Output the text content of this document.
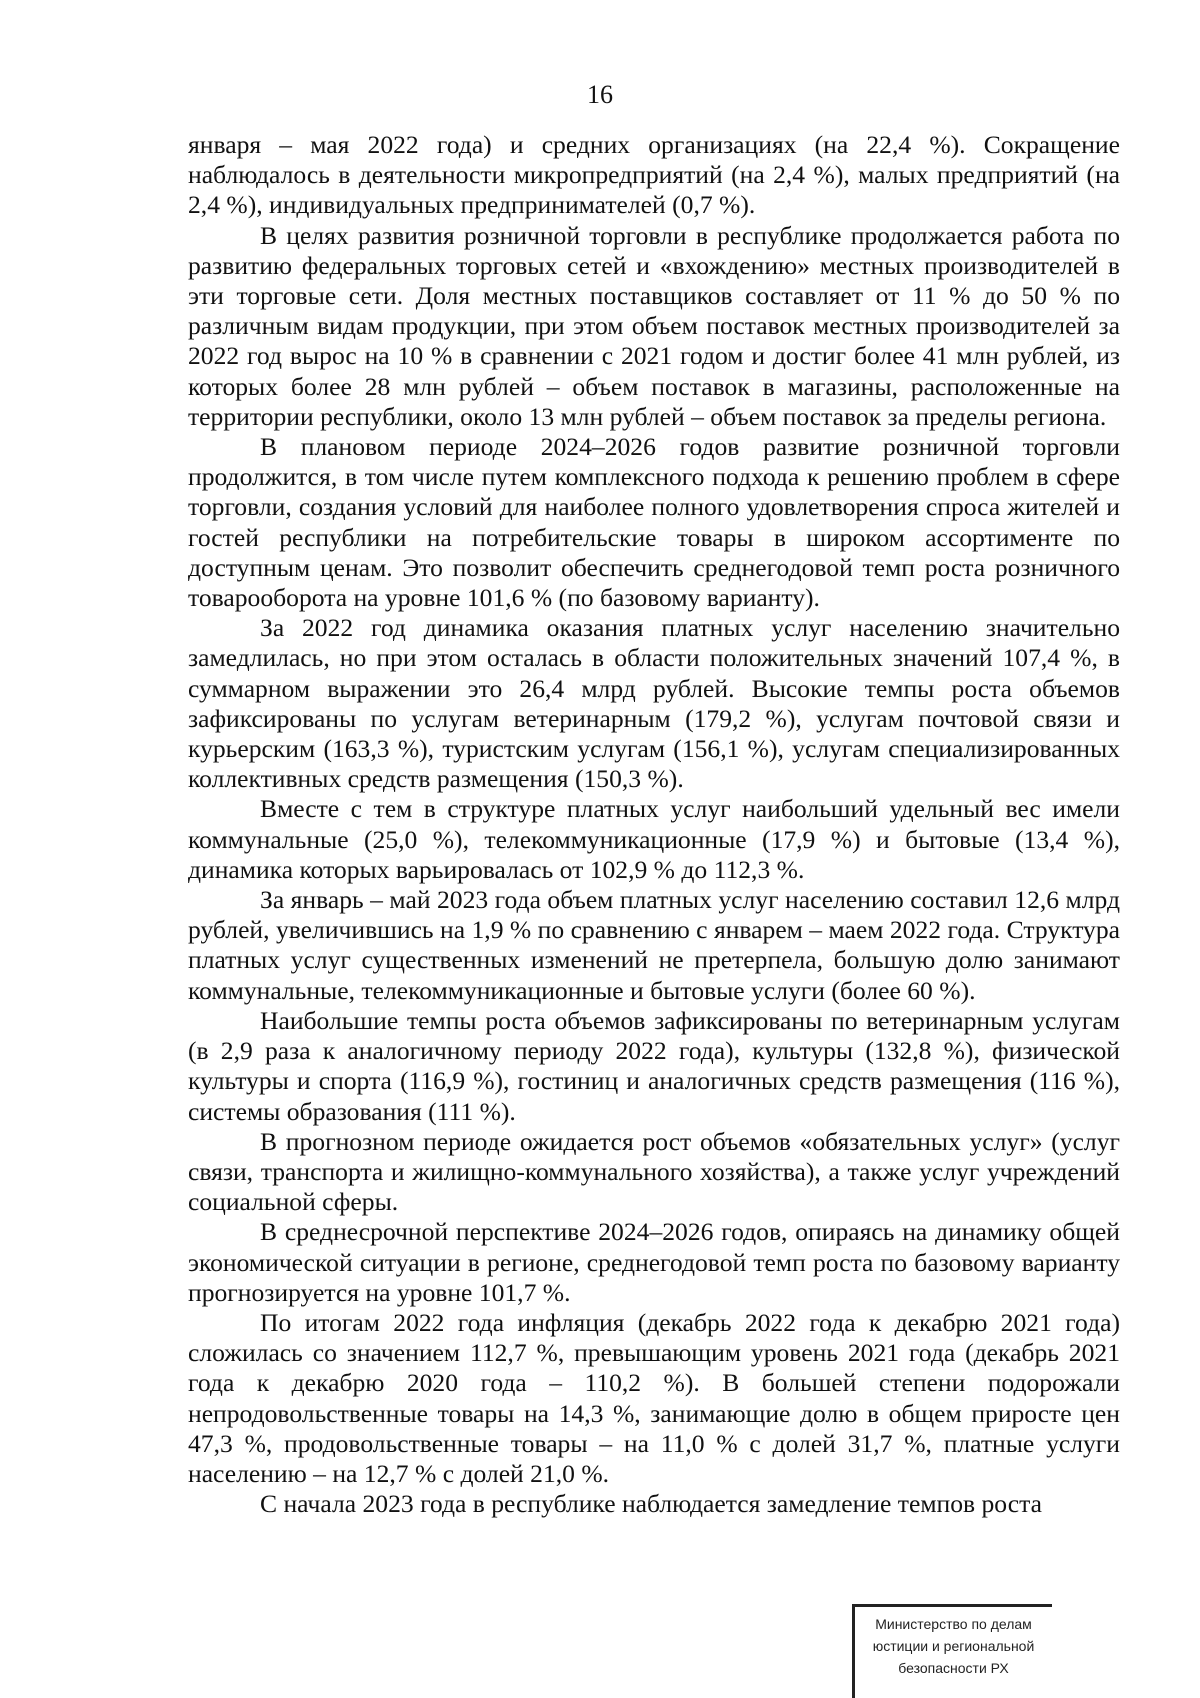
16

января – мая 2022 года) и средних организациях (на 22,4 %). Сокращение наблюдалось в деятельности микропредприятий (на 2,4 %), малых предприятий (на 2,4 %), индивидуальных предпринимателей (0,7 %).

В целях развития розничной торговли в республике продолжается работа по развитию федеральных торговых сетей и «вхождению» местных производителей в эти торговые сети. Доля местных поставщиков составляет от 11 % до 50 % по различным видам продукции, при этом объем поставок местных производителей за 2022 год вырос на 10 % в сравнении с 2021 годом и достиг более 41 млн рублей, из которых более 28 млн рублей – объем поставок в магазины, расположенные на территории республики, около 13 млн рублей – объем поставок за пределы региона.

В плановом периоде 2024–2026 годов развитие розничной торговли продолжится, в том числе путем комплексного подхода к решению проблем в сфере торговли, создания условий для наиболее полного удовлетворения спроса жителей и гостей республики на потребительские товары в широком ассортименте по доступным ценам. Это позволит обеспечить среднегодовой темп роста розничного товарооборота на уровне 101,6 % (по базовому варианту).

За 2022 год динамика оказания платных услуг населению значительно замедлилась, но при этом осталась в области положительных значений 107,4 %, в суммарном выражении это 26,4 млрд рублей. Высокие темпы роста объемов зафиксированы по услугам ветеринарным (179,2 %), услугам почтовой связи и курьерским (163,3 %), туристским услугам (156,1 %), услугам специализированных коллективных средств размещения (150,3 %).

Вместе с тем в структуре платных услуг наибольший удельный вес имели коммунальные (25,0 %), телекоммуникационные (17,9 %) и бытовые (13,4 %), динамика которых варьировалась от 102,9 % до 112,3 %.

За январь – май 2023 года объем платных услуг населению составил 12,6 млрд рублей, увеличившись на 1,9 % по сравнению с январем – маем 2022 года. Структура платных услуг существенных изменений не претерпела, большую долю занимают коммунальные, телекоммуникационные и бытовые услуги (более 60 %).

Наибольшие темпы роста объемов зафиксированы по ветеринарным услугам (в 2,9 раза к аналогичному периоду 2022 года), культуры (132,8 %), физической культуры и спорта (116,9 %), гостиниц и аналогичных средств размещения (116 %), системы образования (111 %).

В прогнозном периоде ожидается рост объемов «обязательных услуг» (услуг связи, транспорта и жилищно-коммунального хозяйства), а также услуг учреждений социальной сферы.

В среднесрочной перспективе 2024–2026 годов, опираясь на динамику общей экономической ситуации в регионе, среднегодовой темп роста по базовому варианту прогнозируется на уровне 101,7 %.

По итогам 2022 года инфляция (декабрь 2022 года к декабрю 2021 года) сложилась со значением 112,7 %, превышающим уровень 2021 года (декабрь 2021 года к декабрю 2020 года – 110,2 %). В большей степени подорожали непродовольственные товары на 14,3 %, занимающие долю в общем приросте цен 47,3 %, продовольственные товары – на 11,0 % с долей 31,7 %, платные услуги населению – на 12,7 % с долей 21,0 %.

С начала 2023 года в республике наблюдается замедление темпов роста

Министерство по делам
юстиции и региональной
безопасности РХ
